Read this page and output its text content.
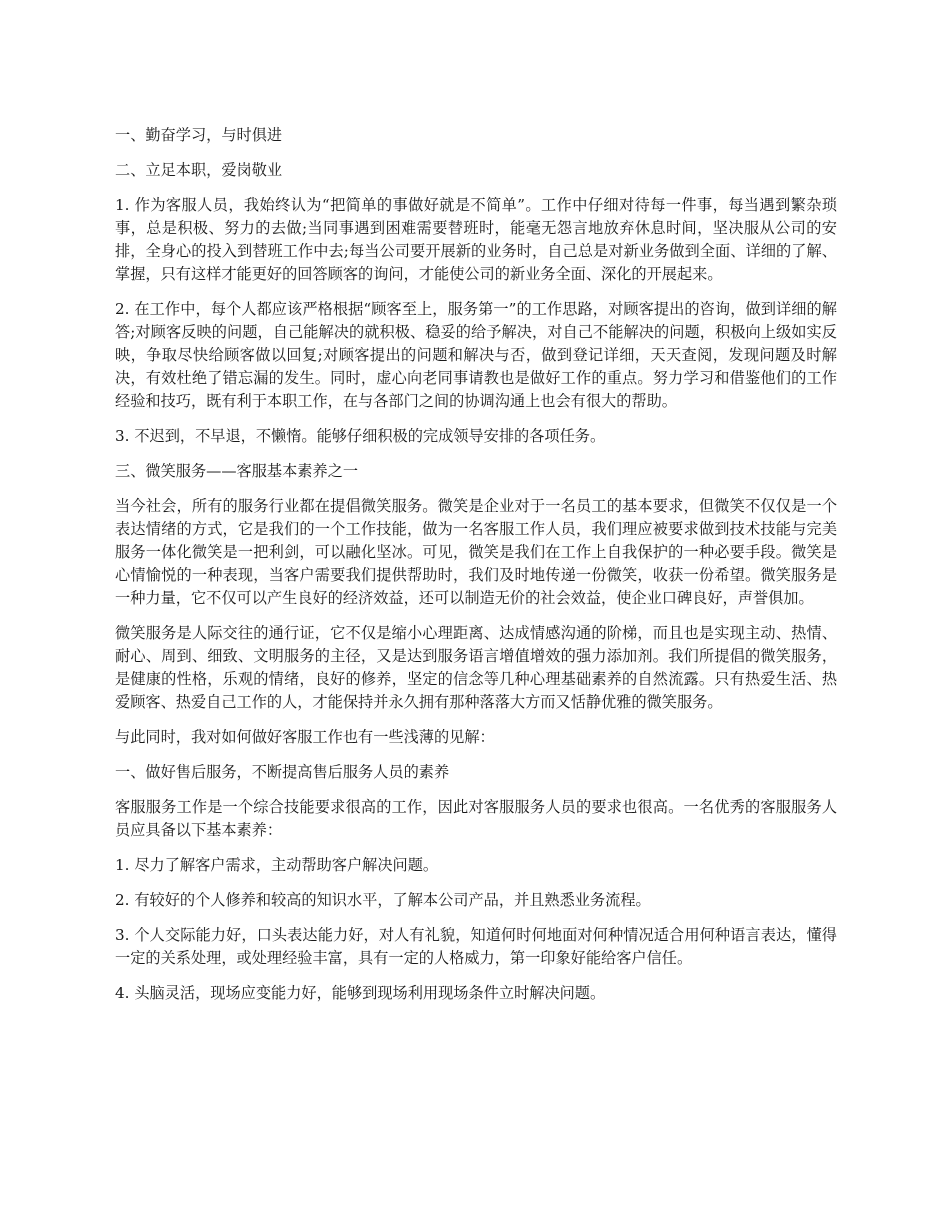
一、勤奋学习，与时俱进

二、立足本职，爱岗敬业

1. 作为客服人员，我始终认为“把简单的事做好就是不简单”。工作中仔细对待每一件事，每当遇到繁杂琐事，总是积极、努力的去做;当同事遇到困难需要替班时，能毫无怨言地放弃休息时间，坚决服从公司的安排，全身心的投入到替班工作中去;每当公司要开展新的业务时，自己总是对新业务做到全面、详细的了解、掌握，只有这样才能更好的回答顾客的询问，才能使公司的新业务全面、深化的开展起来。

2. 在工作中，每个人都应该严格根据“顾客至上，服务第一”的工作思路，对顾客提出的咨询，做到详细的解答;对顾客反映的问题，自己能解决的就积极、稳妥的给予解决，对自己不能解决的问题，积极向上级如实反映，争取尽快给顾客做以回复;对顾客提出的问题和解决与否，做到登记详细，天天查阅，发现问题及时解决，有效杜绝了错忘漏的发生。同时，虚心向老同事请教也是做好工作的重点。努力学习和借鉴他们的工作经验和技巧，既有利于本职工作，在与各部门之间的协调沟通上也会有很大的帮助。

3. 不迟到，不早退，不懒惰。能够仔细积极的完成领导安排的各项任务。

三、微笑服务——客服基本素养之一

当今社会，所有的服务行业都在提倡微笑服务。微笑是企业对于一名员工的基本要求，但微笑不仅仅是一个表达情绪的方式，它是我们的一个工作技能，做为一名客服工作人员，我们理应被要求做到技术技能与完美服务一体化微笑是一把利剑，可以融化坚冰。可见，微笑是我们在工作上自我保护的一种必要手段。微笑是心情愉悦的一种表现，当客户需要我们提供帮助时，我们及时地传递一份微笑，收获一份希望。微笑服务是一种力量，它不仅可以产生良好的经济效益，还可以制造无价的社会效益，使企业口碑良好，声誉俱加。

微笑服务是人际交往的通行证，它不仅是缩小心理距离、达成情感沟通的阶梯，而且也是实现主动、热情、耐心、周到、细致、文明服务的主径，又是达到服务语言增值增效的强力添加剂。我们所提倡的微笑服务，是健康的性格，乐观的情绪，良好的修养，坚定的信念等几种心理基础素养的自然流露。只有热爱生活、热爱顾客、热爱自己工作的人，才能保持并永久拥有那种落落大方而又恬静优雅的微笑服务。

与此同时，我对如何做好客服工作也有一些浅薄的见解：

一、做好售后服务，不断提高售后服务人员的素养

客服服务工作是一个综合技能要求很高的工作，因此对客服服务人员的要求也很高。一名优秀的客服服务人员应具备以下基本素养：

1. 尽力了解客户需求，主动帮助客户解决问题。

2. 有较好的个人修养和较高的知识水平，了解本公司产品，并且熟悉业务流程。

3. 个人交际能力好，口头表达能力好，对人有礼貌，知道何时何地面对何种情况适合用何种语言表达，懂得一定的关系处理，或处理经验丰富，具有一定的人格威力，第一印象好能给客户信任。

4. 头脑灵活，现场应变能力好，能够到现场利用现场条件立时解决问题。
